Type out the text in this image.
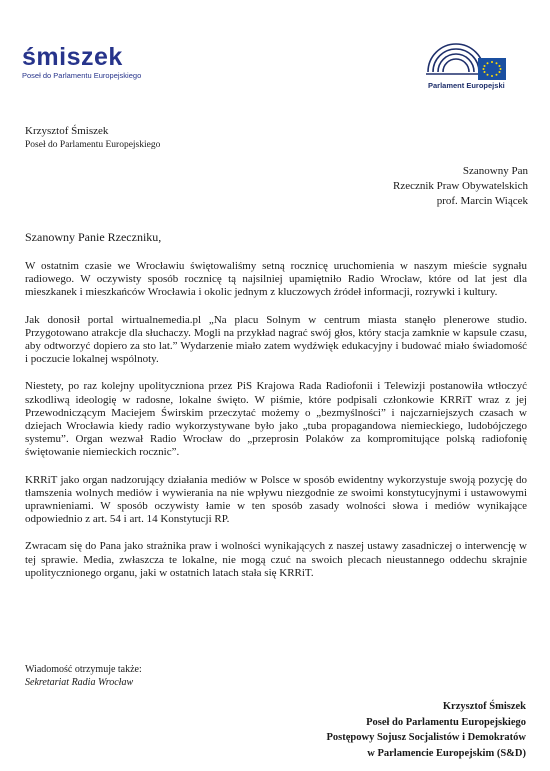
śmiszek
Poseł do Parlamentu Europejskiego
Parlament Europejski
Krzysztof Śmiszek
Poseł do Parlamentu Europejskiego
Szanowny Pan
Rzecznik Praw Obywatelskich
prof. Marcin Wiącek
Szanowny Panie Rzeczniku,

W ostatnim czasie we Wrocławiu świętowaliśmy setną rocznicę uruchomienia w naszym mieście sygnału radiowego. W oczywisty sposób rocznicę tą najsilniej upamiętniło Radio Wrocław, które od lat jest dla mieszkanek i mieszkańców Wrocławia i okolic jednym z kluczowych źródeł informacji, rozrywki i kultury.

Jak donosił portal wirtualnemedia.pl „Na placu Solnym w centrum miasta stanęło plenerowe studio. Przygotowano atrakcje dla słuchaczy. Mogli na przykład nagrać swój głos, który stacja zamknie w kapsule czasu, aby odtworzyć dopiero za sto lat.” Wydarzenie miało zatem wydźwięk edukacyjny i budować miało świadomość i poczucie lokalnej wspólnoty.

Niestety, po raz kolejny upolityczniona przez PiS Krajowa Rada Radiofonii i Telewizji postanowiła wtłoczyć szkodliwą ideologię w radosne, lokalne święto. W piśmie, które podpisali członkowie KRRiT wraz z jej Przewodniczącym Maciejem Świrskim przeczytać możemy o „bezmyślności” i najczarniejszych czasach w dziejach Wrocławia kiedy radio wykorzystywane było jako „tuba propagandowa niemieckiego, ludobójczego systemu”. Organ wezwał Radio Wrocław do „przeprosin Polaków za kompromitujące polską radiofonię świętowanie niemieckich rocznic”.

KRRiT jako organ nadzorujący działania mediów w Polsce w sposób ewidentny wykorzystuje swoją pozycję do tłamszenia wolnych mediów i wywierania na nie wpływu niezgodnie ze swoimi konstytucyjnymi i ustawowymi uprawnieniami. W sposób oczywisty łamie w ten sposób zasady wolności słowa i mediów wynikające odpowiednio z art. 54 i art. 14 Konstytucji RP.

Zwracam się do Pana jako strażnika praw i wolności wynikających z naszej ustawy zasadniczej o interwencję w tej sprawie. Media, zwłaszcza te lokalne, nie mogą czuć na swoich plecach nieustannego oddechu skrajnie upolitycznionego organu, jaki w ostatnich latach stała się KRRiT.

Wiadomość otrzymuje także:
Sekretariat Radia Wrocław
Krzysztof Śmiszek
Poseł do Parlamentu Europejskiego
Postępowy Sojusz Socjalistów i Demokratów
w Parlamencie Europejskim (S&D)
